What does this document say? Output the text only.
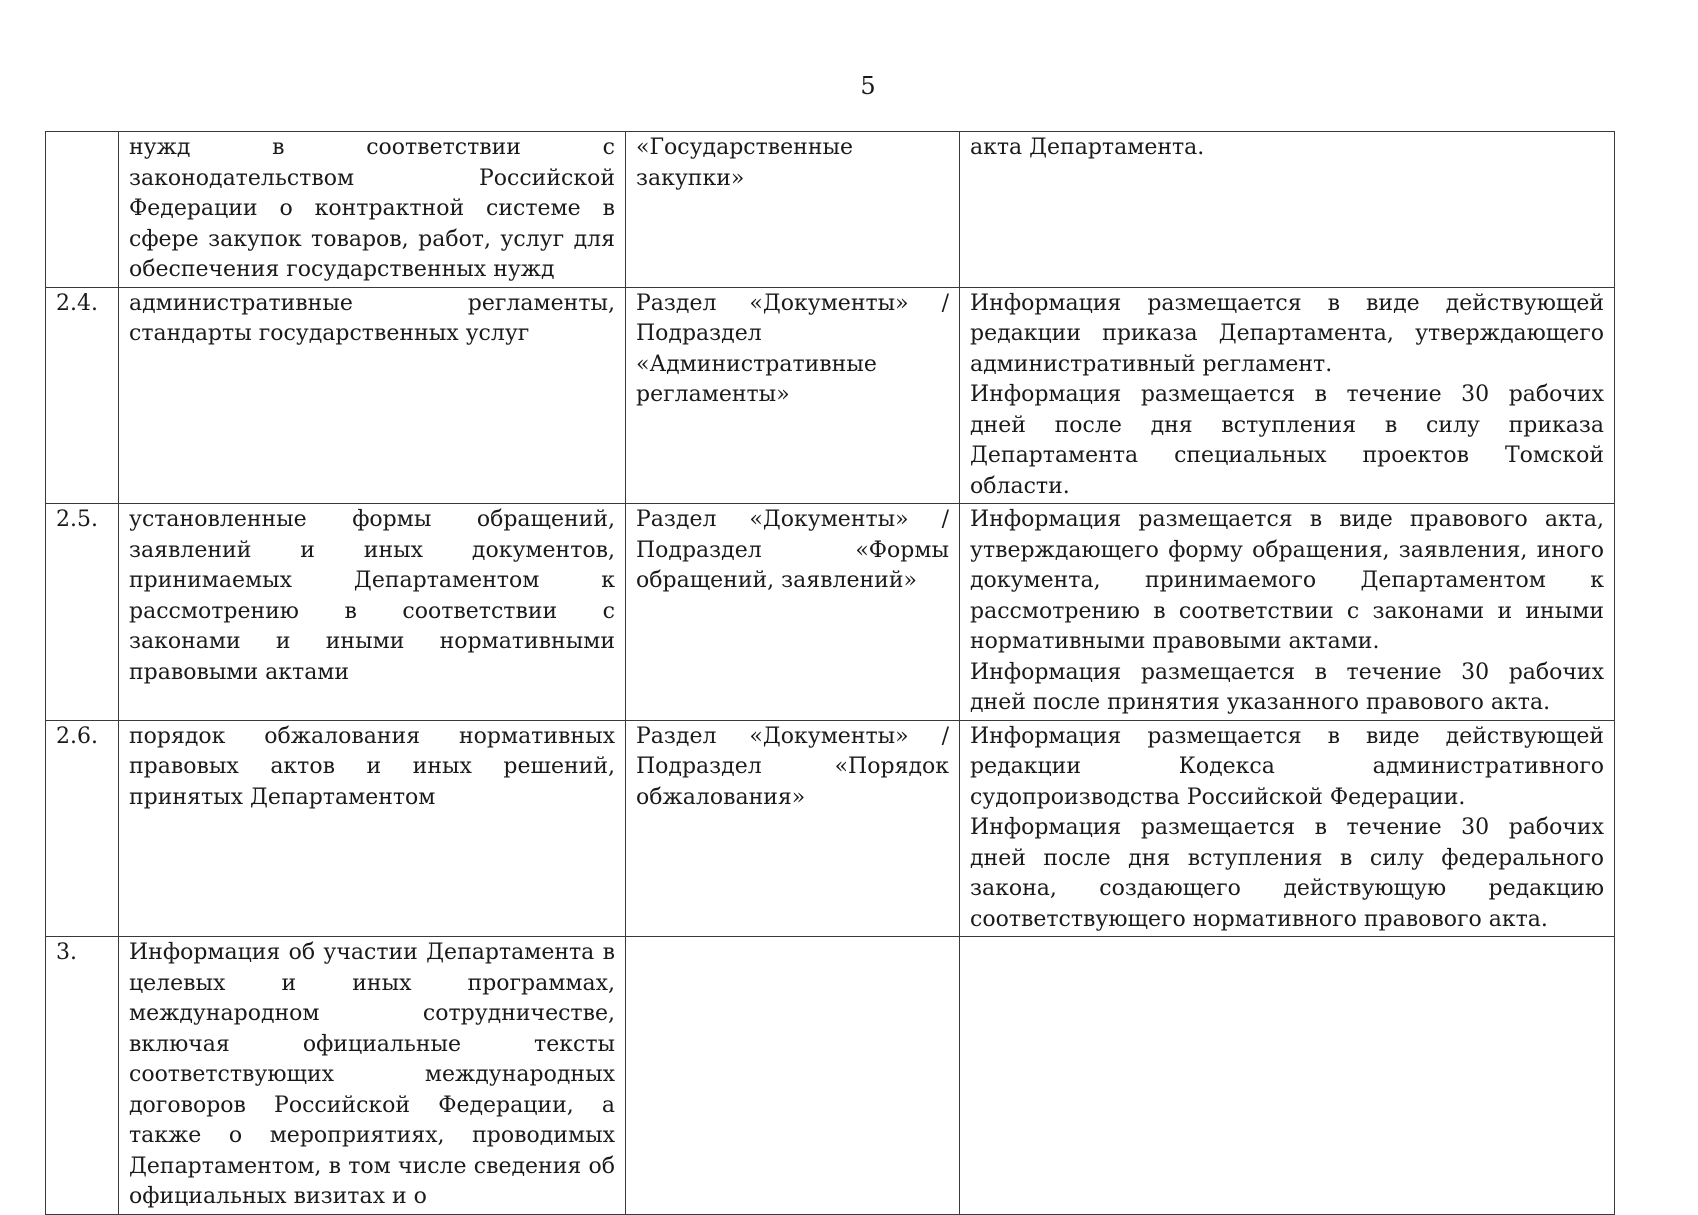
5
	нужд в соответствии с законодательством Российской Федерации о контрактной системе в сфере закупок товаров, работ, услуг для обеспечения государственных нужд	«Государственные закупки»	акта Департамента.

2.4.	административные регламенты, стандарты государственных услуг	Раздел «Документы» / Подраздел «Административные регламенты»	Информация размещается в виде действующей редакции приказа Департамента, утверждающего административный регламент.
Информация размещается в течение 30 рабочих дней после дня вступления в силу приказа Департамента специальных проектов Томской области.

2.5.	установленные формы обращений, заявлений и иных документов, принимаемых Департаментом к рассмотрению в соответствии с законами и иными нормативными правовыми актами	Раздел «Документы» / Подраздел «Формы обращений, заявлений»	Информация размещается в виде правового акта, утверждающего форму обращения, заявления, иного документа, принимаемого Департаментом к рассмотрению в соответствии с законами и иными нормативными правовыми актами.
Информация размещается в течение 30 рабочих дней после принятия указанного правового акта.

2.6.	порядок обжалования нормативных правовых актов и иных решений, принятых Департаментом	Раздел «Документы» / Подраздел «Порядок обжалования»	Информация размещается в виде действующей редакции Кодекса административного судопроизводства Российской Федерации.
Информация размещается в течение 30 рабочих дней после дня вступления в силу федерального закона, создающего действующую редакцию соответствующего нормативного правового акта.

3.	Информация об участии Департамента в целевых и иных программах, международном сотрудничестве, включая официальные тексты соответствующих международных договоров Российской Федерации, а также о мероприятиях, проводимых Департаментом, в том числе сведения об официальных визитах и о		
